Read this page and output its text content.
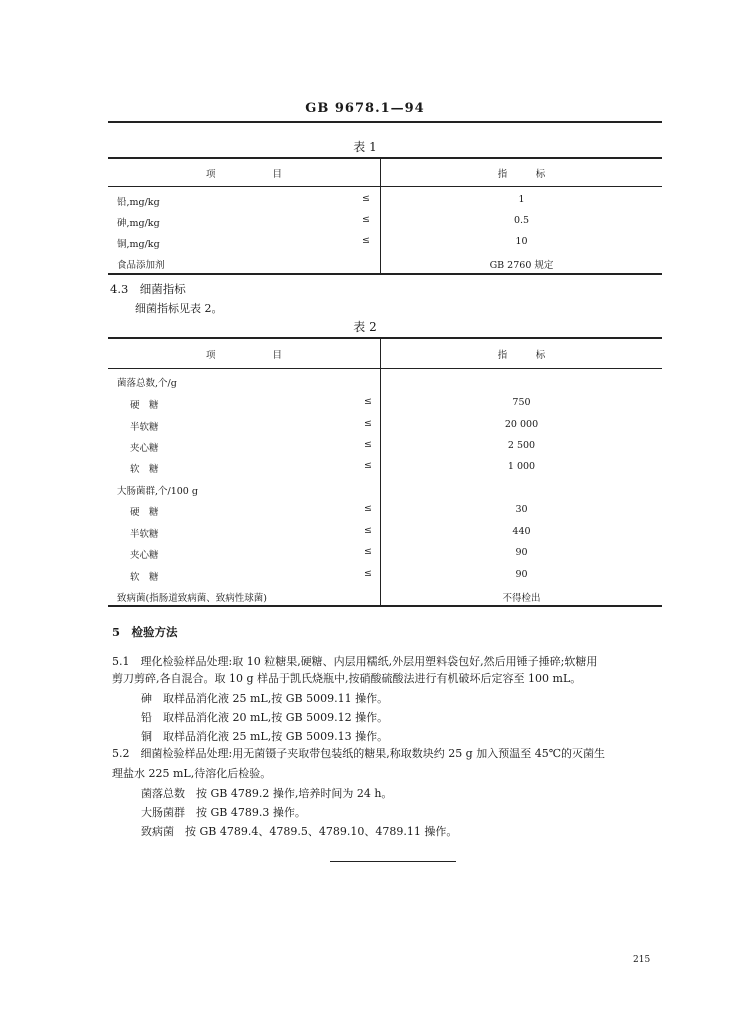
GB 9678.1—94
表 1
项　　　　　　目	指　　　标
铅,mg/kg	≤	1
砷,mg/kg	≤	0.5
铜,mg/kg	≤	10
食品添加剂	GB 2760 规定
4.3　细菌指标
细菌指标见表 2。
表 2
项　　　　　　目	指　　　标
菌落总数,个/g
硬　糖	≤	750
半软糖	≤	20 000
夹心糖	≤	2 500
软　糖	≤	1 000
大肠菌群,个/100 g
硬　糖	≤	30
半软糖	≤	440
夹心糖	≤	90
软　糖	≤	90
致病菌(指肠道致病菌、致病性球菌)	不得检出
5　检验方法
5.1　理化检验样品处理:取 10 粒糖果,硬糖、内层用糯纸,外层用塑料袋包好,然后用锤子捶碎;软糖用
剪刀剪碎,各自混合。取 10 g 样品于凯氏烧瓶中,按硝酸硫酸法进行有机破坏后定容至 100 mL。
砷　取样品消化液 25 mL,按 GB 5009.11 操作。
铅　取样品消化液 20 mL,按 GB 5009.12 操作。
铜　取样品消化液 25 mL,按 GB 5009.13 操作。
5.2　细菌检验样品处理:用无菌镊子夹取带包装纸的糖果,称取数块约 25 g 加入预温至 45℃的灭菌生
理盐水 225 mL,待溶化后检验。
菌落总数　按 GB 4789.2 操作,培养时间为 24 h。
大肠菌群　按 GB 4789.3 操作。
致病菌　按 GB 4789.4、4789.5、4789.10、4789.11 操作。
215
